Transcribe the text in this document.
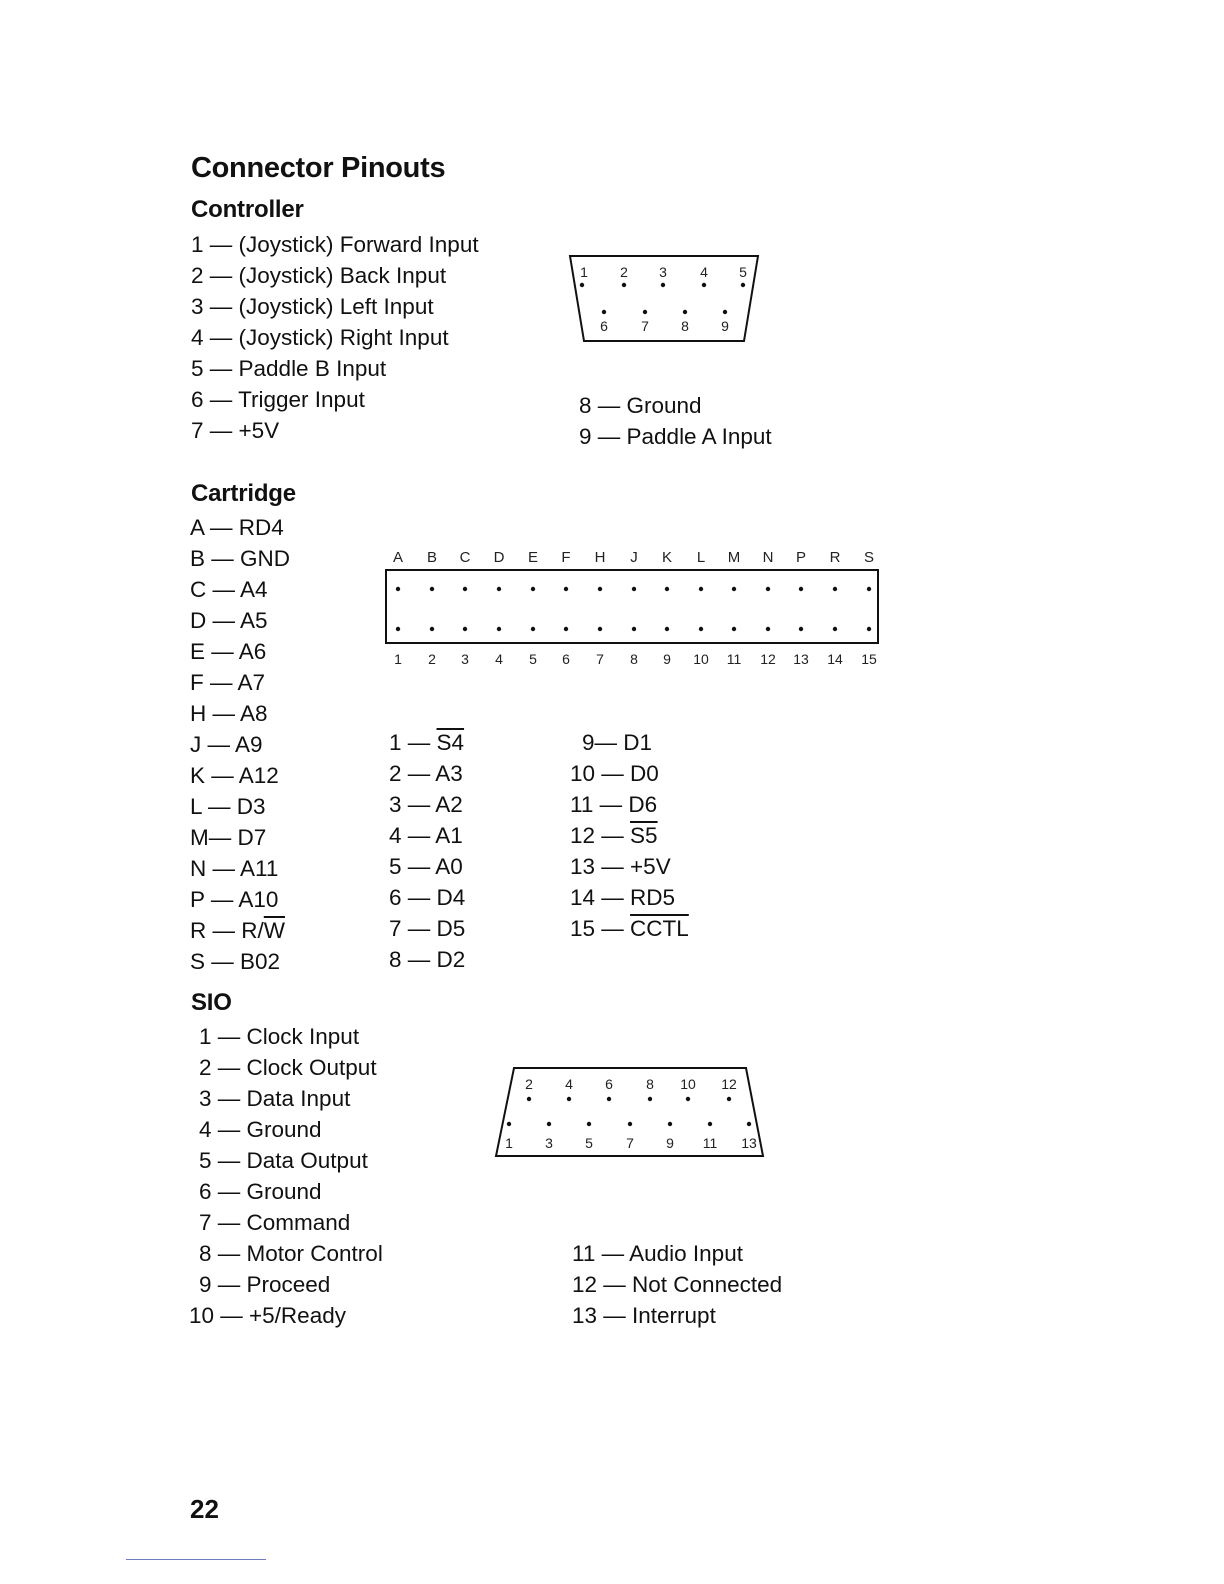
Connector Pinouts
Controller
1 — (Joystick) Forward Input
2 — (Joystick) Back Input
3 — (Joystick) Left Input
4 — (Joystick) Right Input
5 — Paddle B Input
6 — Trigger Input
7 — +5V
1 2 3 4 5
6 7 8 9
8 — Ground
9 — Paddle A Input
Cartridge
A — RD4
B — GND
C — A4
D — A5
E — A6
F — A7
H — A8
J — A9
K — A12
L — D3
M— D7
N — A11
P — A10
R — $R/\overline{W}$
S — B02
A B C D E F H J K L M N P R S
1 2 3 4 5 6 7 8 9 10 11 12 13 14 15
1 — S4
2 — A3
3 — A2
4 — A1
5 — A0
6 — D4
7 — D5
8 — D2
9— D1
10 — D0
11 — D6
12 — S5
13 — +5V
14 — RD5
15 — CCTL
SIO
1 — Clock Input
2 — Clock Output
3 — Data Input
4 — Ground
5 — Data Output
6 — Ground
7 — Command
8 — Motor Control
9 — Proceed
10 — +5/Ready
2 4 6 8 10 12
1 3 5 7 9 11 13
11 — Audio Input
12 — Not Connected
13 — Interrupt
22
